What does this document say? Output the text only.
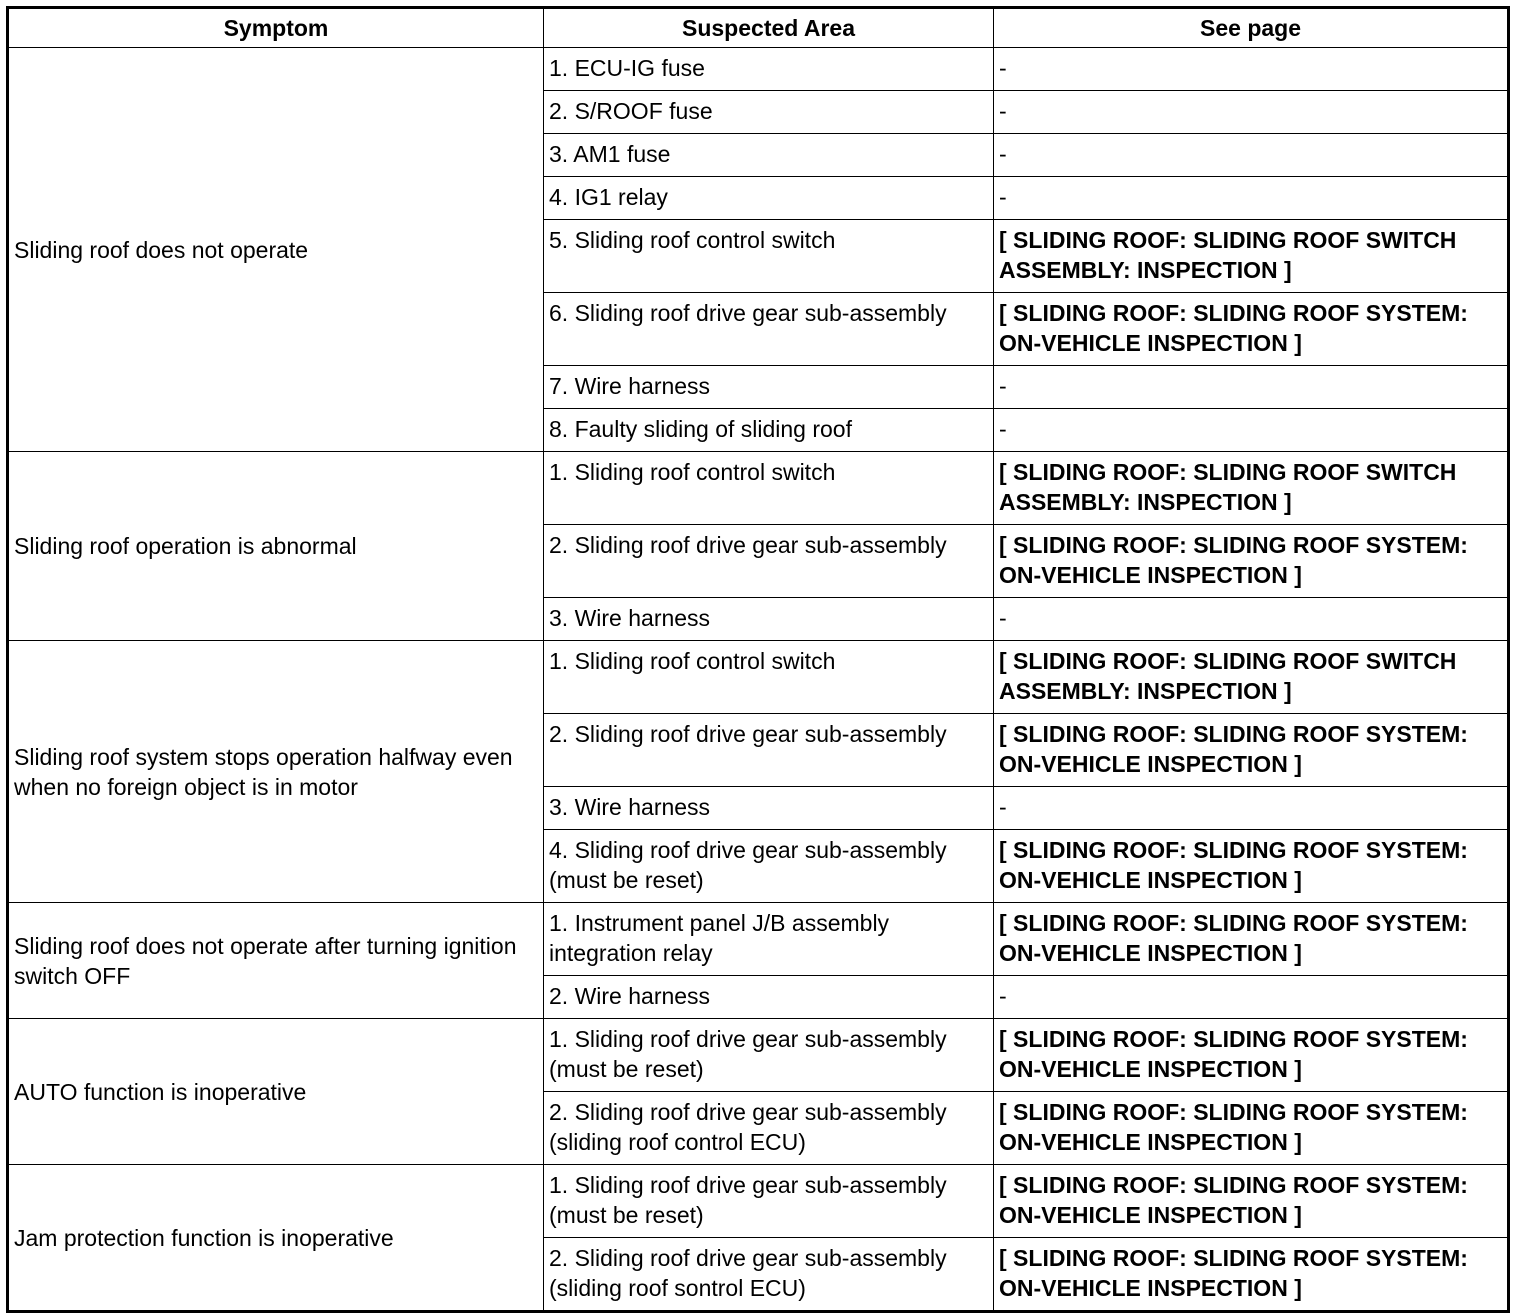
Symptom	Suspected Area	See page
Sliding roof does not operate	1. ECU-IG fuse	-
	2. S/ROOF fuse	-
	3. AM1 fuse	-
	4. IG1 relay	-
	5. Sliding roof control switch	[ SLIDING ROOF: SLIDING ROOF SWITCH ASSEMBLY: INSPECTION ]
	6. Sliding roof drive gear sub-assembly	[ SLIDING ROOF: SLIDING ROOF SYSTEM: ON-VEHICLE INSPECTION ]
	7. Wire harness	-
	8. Faulty sliding of sliding roof	-
Sliding roof operation is abnormal	1. Sliding roof control switch	[ SLIDING ROOF: SLIDING ROOF SWITCH ASSEMBLY: INSPECTION ]
	2. Sliding roof drive gear sub-assembly	[ SLIDING ROOF: SLIDING ROOF SYSTEM: ON-VEHICLE INSPECTION ]
	3. Wire harness	-
Sliding roof system stops operation halfway even when no foreign object is in motor	1. Sliding roof control switch	[ SLIDING ROOF: SLIDING ROOF SWITCH ASSEMBLY: INSPECTION ]
	2. Sliding roof drive gear sub-assembly	[ SLIDING ROOF: SLIDING ROOF SYSTEM: ON-VEHICLE INSPECTION ]
	3. Wire harness	-
	4. Sliding roof drive gear sub-assembly (must be reset)	[ SLIDING ROOF: SLIDING ROOF SYSTEM: ON-VEHICLE INSPECTION ]
Sliding roof does not operate after turning ignition switch OFF	1. Instrument panel J/B assembly integration relay	[ SLIDING ROOF: SLIDING ROOF SYSTEM: ON-VEHICLE INSPECTION ]
	2. Wire harness	-
AUTO function is inoperative	1. Sliding roof drive gear sub-assembly (must be reset)	[ SLIDING ROOF: SLIDING ROOF SYSTEM: ON-VEHICLE INSPECTION ]
	2. Sliding roof drive gear sub-assembly (sliding roof control ECU)	[ SLIDING ROOF: SLIDING ROOF SYSTEM: ON-VEHICLE INSPECTION ]
Jam protection function is inoperative	1. Sliding roof drive gear sub-assembly (must be reset)	[ SLIDING ROOF: SLIDING ROOF SYSTEM: ON-VEHICLE INSPECTION ]
	2. Sliding roof drive gear sub-assembly (sliding roof sontrol ECU)	[ SLIDING ROOF: SLIDING ROOF SYSTEM: ON-VEHICLE INSPECTION ]
